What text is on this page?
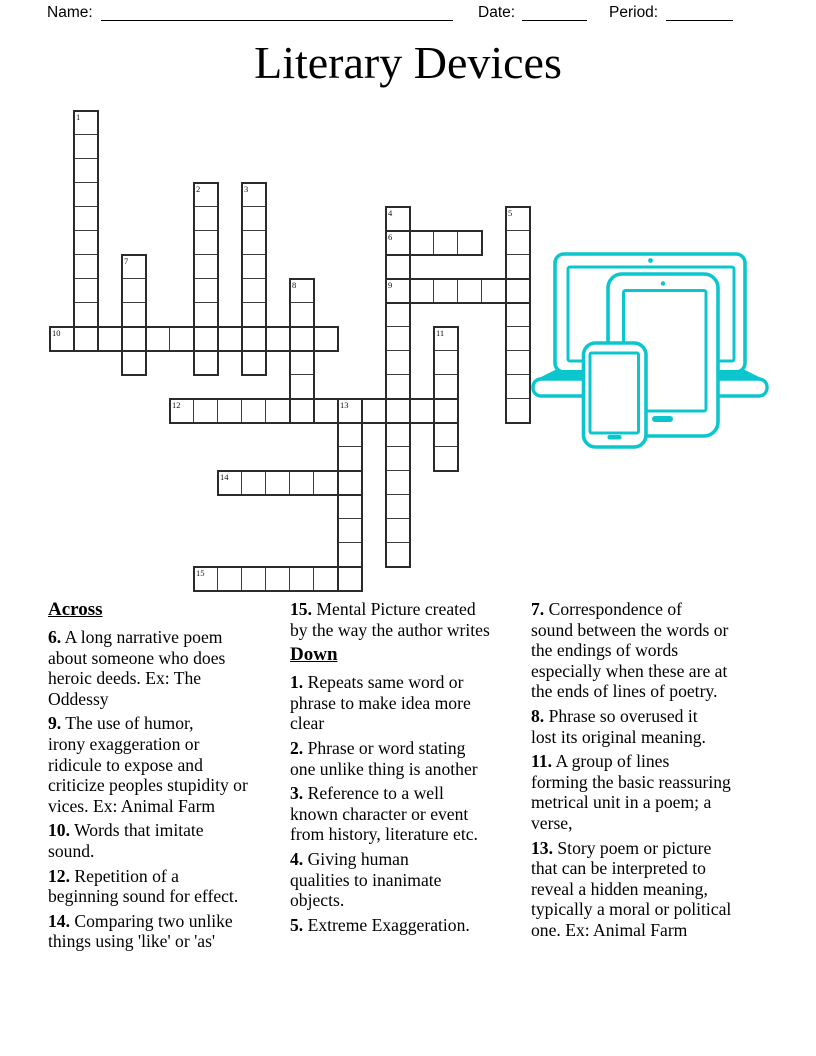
Name:	Date:	Period:
Literary Devices
1
2	3
4	5
6
7
8	9
10	11
12	13
14
15
Across

6. A long narrative poem
about someone who does
heroic deeds. Ex: The
Oddessy

9. The use of humor,
irony exaggeration or
ridicule to expose and
criticize peoples stupidity or
vices. Ex: Animal Farm

10. Words that imitate
sound.

12. Repetition of a
beginning sound for effect.

14. Comparing two unlike
things using 'like' or 'as'

15. Mental Picture created
by the way the author writes

Down

1. Repeats same word or
phrase to make idea more
clear

2. Phrase or word stating
one unlike thing is another

3. Reference to a well
known character or event
from history, literature etc.

4. Giving human
qualities to inanimate
objects.

5. Extreme Exaggeration.

7. Correspondence of
sound between the words or
the endings of words
especially when these are at
the ends of lines of poetry.

8. Phrase so overused it
lost its original meaning.

11. A group of lines
forming the basic reassuring
metrical unit in a poem; a
verse,

13. Story poem or picture
that can be interpreted to
reveal a hidden meaning,
typically a moral or political
one. Ex: Animal Farm
